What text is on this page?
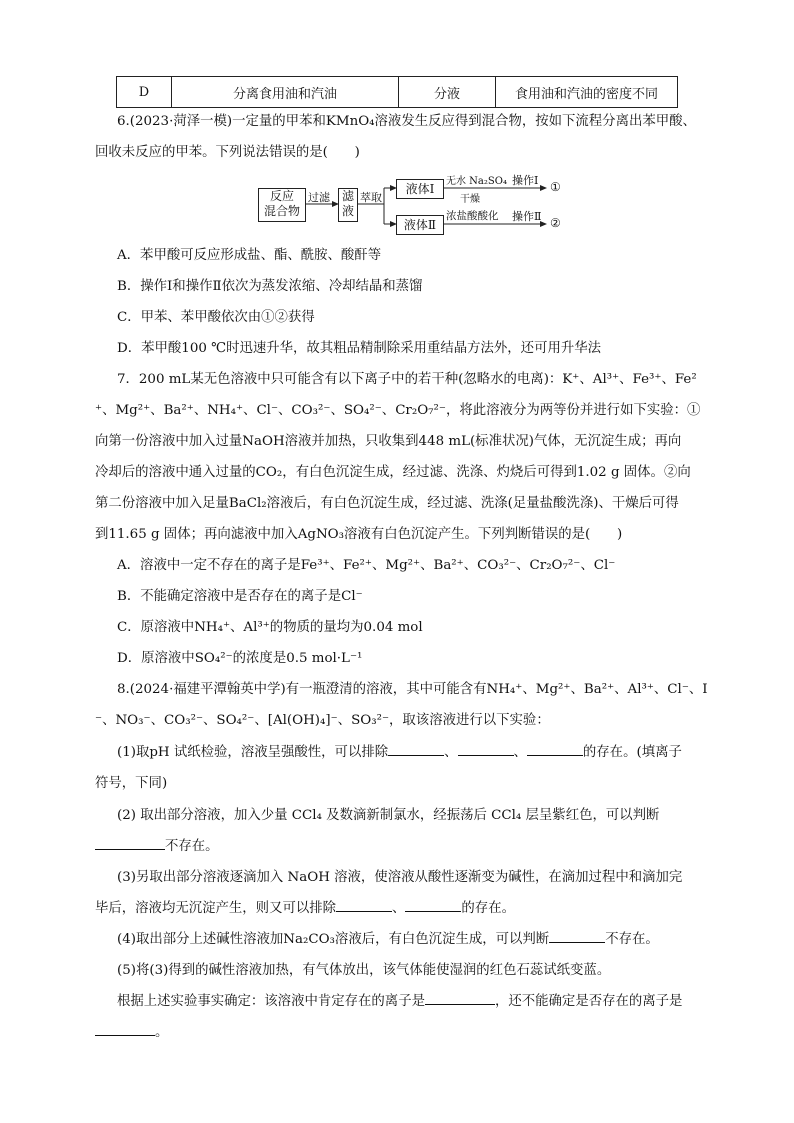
D	分离食用油和汽油	分液	食用油和汽油的密度不同
6.(2023·菏泽一模)一定量的甲苯和KMnO₄溶液发生反应得到混合物，按如下流程分离出苯甲酸、
回收未反应的甲苯。下列说法错误的是(　　)
反应
混合物
过滤 滤
液
萃取
液体Ⅰ
液体Ⅱ
无水 Na₂SO₄
干燥
操作Ⅰ ①
浓盐酸酸化 操作Ⅱ ②
A．苯甲酸可反应形成盐、酯、酰胺、酸酐等
B．操作Ⅰ和操作Ⅱ依次为蒸发浓缩、冷却结晶和蒸馏
C．甲苯、苯甲酸依次由①②获得
D．苯甲酸100 ℃时迅速升华，故其粗品精制除采用重结晶方法外，还可用升华法
7．200 mL某无色溶液中只可能含有以下离子中的若干种(忽略水的电离)：K⁺、Al³⁺、Fe³⁺、Fe²
⁺、Mg²⁺、Ba²⁺、NH₄⁺、Cl⁻、CO₃²⁻、SO₄²⁻、Cr₂O₇²⁻，将此溶液分为两等份并进行如下实验：①
向第一份溶液中加入过量NaOH溶液并加热，只收集到448 mL(标准状况)气体，无沉淀生成；再向
冷却后的溶液中通入过量的CO₂，有白色沉淀生成，经过滤、洗涤、灼烧后可得到1.02 g 固体。②向
第二份溶液中加入足量BaCl₂溶液后，有白色沉淀生成，经过滤、洗涤(足量盐酸洗涤)、干燥后可得
到11.65 g 固体；再向滤液中加入AgNO₃溶液有白色沉淀产生。下列判断错误的是(　　)
A．溶液中一定不存在的离子是Fe³⁺、Fe²⁺、Mg²⁺、Ba²⁺、CO₃²⁻、Cr₂O₇²⁻、Cl⁻
B．不能确定溶液中是否存在的离子是Cl⁻
C．原溶液中NH₄⁺、Al³⁺的物质的量均为0.04 mol
D．原溶液中SO₄²⁻的浓度是0.5 mol·L⁻¹
8.(2024·福建平潭翰英中学)有一瓶澄清的溶液，其中可能含有NH₄⁺、Mg²⁺、Ba²⁺、Al³⁺、Cl⁻、I
⁻、NO₃⁻、CO₃²⁻、SO₄²⁻、[Al(OH)₄]⁻、SO₃²⁻，取该溶液进行以下实验：
(1)取pH 试纸检验，溶液呈强酸性，可以排除	、	、	的存在。(填离子
符号，下同)
(2) 取出部分溶液，加入少量 CCl₄ 及数滴新制氯水，经振荡后 CCl₄ 层呈紫红色，可以判断
不存在。
(3)另取出部分溶液逐滴加入 NaOH 溶液，使溶液从酸性逐渐变为碱性，在滴加过程中和滴加完
毕后，溶液均无沉淀产生，则又可以排除	、	的存在。
(4)取出部分上述碱性溶液加Na₂CO₃溶液后，有白色沉淀生成，可以判断	不存在。
(5)将(3)得到的碱性溶液加热，有气体放出，该气体能使湿润的红色石蕊试纸变蓝。
根据上述实验事实确定：该溶液中肯定存在的离子是	，还不能确定是否存在的离子是
。
